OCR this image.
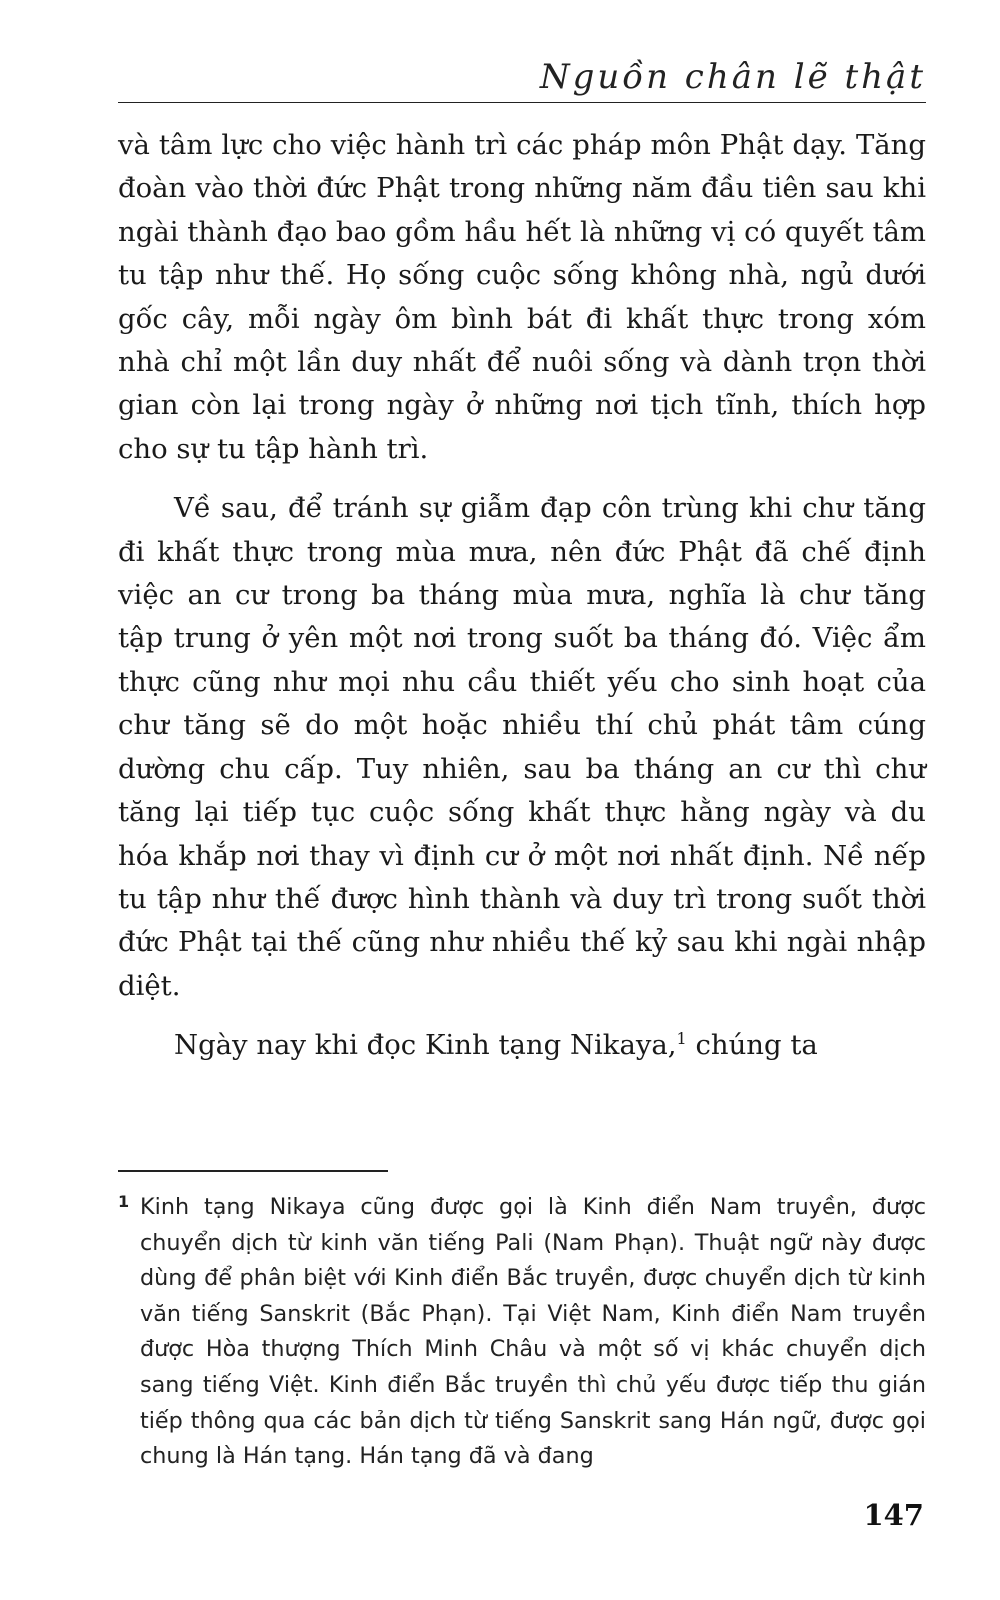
Nguồn chân lẽ thật

và tâm lực cho việc hành trì các pháp môn Phật dạy. Tăng đoàn vào thời đức Phật trong những năm đầu tiên sau khi ngài thành đạo bao gồm hầu hết là những vị có quyết tâm tu tập như thế. Họ sống cuộc sống không nhà, ngủ dưới gốc cây, mỗi ngày ôm bình bát đi khất thực trong xóm nhà chỉ một lần duy nhất để nuôi sống và dành trọn thời gian còn lại trong ngày ở những nơi tịch tĩnh, thích hợp cho sự tu tập hành trì.

Về sau, để tránh sự giẫm đạp côn trùng khi chư tăng đi khất thực trong mùa mưa, nên đức Phật đã chế định việc an cư trong ba tháng mùa mưa, nghĩa là chư tăng tập trung ở yên một nơi trong suốt ba tháng đó. Việc ẩm thực cũng như mọi nhu cầu thiết yếu cho sinh hoạt của chư tăng sẽ do một hoặc nhiều thí chủ phát tâm cúng dường chu cấp. Tuy nhiên, sau ba tháng an cư thì chư tăng lại tiếp tục cuộc sống khất thực hằng ngày và du hóa khắp nơi thay vì định cư ở một nơi nhất định. Nề nếp tu tập như thế được hình thành và duy trì trong suốt thời đức Phật tại thế cũng như nhiều thế kỷ sau khi ngài nhập diệt.

Ngày nay khi đọc Kinh tạng Nikaya,$^1$ chúng ta

1 Kinh tạng Nikaya cũng được gọi là Kinh điển Nam truyền, được chuyển dịch từ kinh văn tiếng Pali (Nam Phạn). Thuật ngữ này được dùng để phân biệt với Kinh điển Bắc truyền, được chuyển dịch từ kinh văn tiếng Sanskrit (Bắc Phạn). Tại Việt Nam, Kinh điển Nam truyền được Hòa thượng Thích Minh Châu và một số vị khác chuyển dịch sang tiếng Việt. Kinh điển Bắc truyền thì chủ yếu được tiếp thu gián tiếp thông qua các bản dịch từ tiếng Sanskrit sang Hán ngữ, được gọi chung là Hán tạng. Hán tạng đã và đang
147
